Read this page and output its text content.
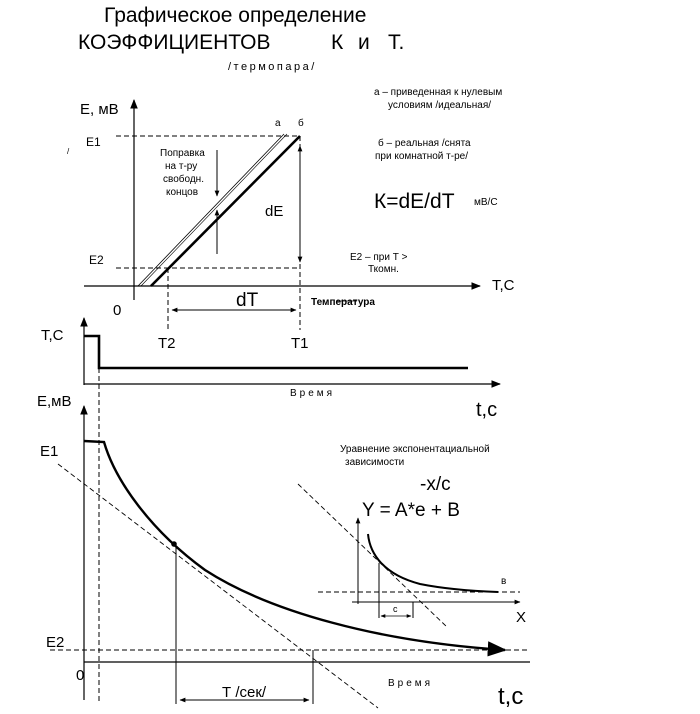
Графическое определение
КОЭФФИЦИЕНТОВ	К и Т.
/термопара/
Е, мВ
Т,С
0
Е1
Е2
Т2	Т1
dE
dT
а б
/	Поправка
на т-ру
свободн.
концов
Температура
К=dE/dT мВ/С
а – приведенная к нулевым
условиям /идеальная/
б – реальная /снята
при комнатной т-ре/
Е2 – при Т >
Ткомн.
Т,С
Время
Е,мВ	t,с
t,с
Е1
Е2
0	Время
Т /сек/
Уравнение экспонентациальной
зависимости
-x/c
Y = A*e + B
в
с	X
